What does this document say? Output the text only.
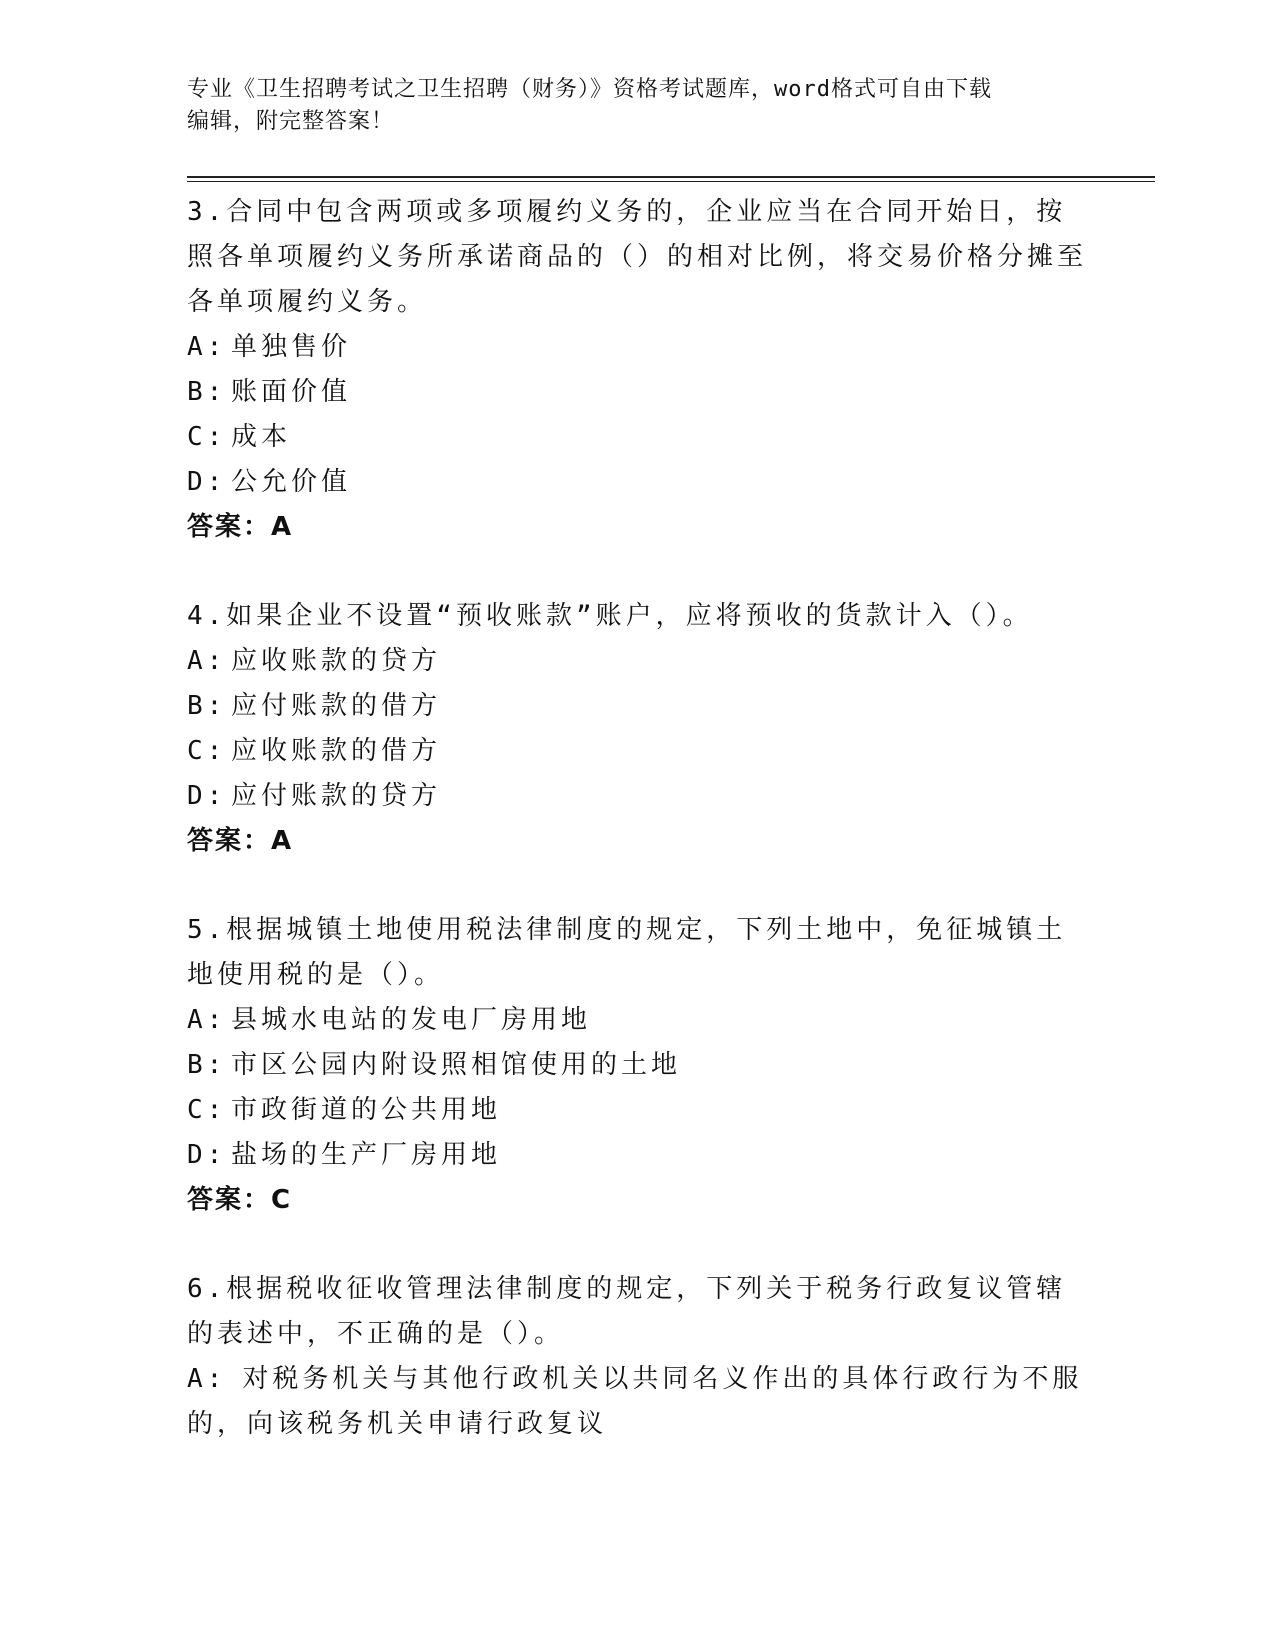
专业《卫生招聘考试之卫生招聘（财务）》资格考试题库，word格式可自由下载
编辑，附完整答案！
3.合同中包含两项或多项履约义务的，企业应当在合同开始日，按照各单项履约义务所承诺商品的（）的相对比例，将交易价格分摊至各单项履约义务。
A: 单独售价
B: 账面价值
C: 成本
D: 公允价值
答案：A
4.如果企业不设置“预收账款”账户，应将预收的货款计入（）。
A: 应收账款的贷方
B: 应付账款的借方
C: 应收账款的借方
D: 应付账款的贷方
答案：A
5.根据城镇土地使用税法律制度的规定，下列土地中，免征城镇土地使用税的是（）。
A: 县城水电站的发电厂房用地
B: 市区公园内附设照相馆使用的土地
C: 市政街道的公共用地
D: 盐场的生产厂房用地
答案：C
6.根据税收征收管理法律制度的规定，下列关于税务行政复议管辖的表述中，不正确的是（）。
A: 对税务机关与其他行政机关以共同名义作出的具体行政行为不服的，向该税务机关申请行政复议
